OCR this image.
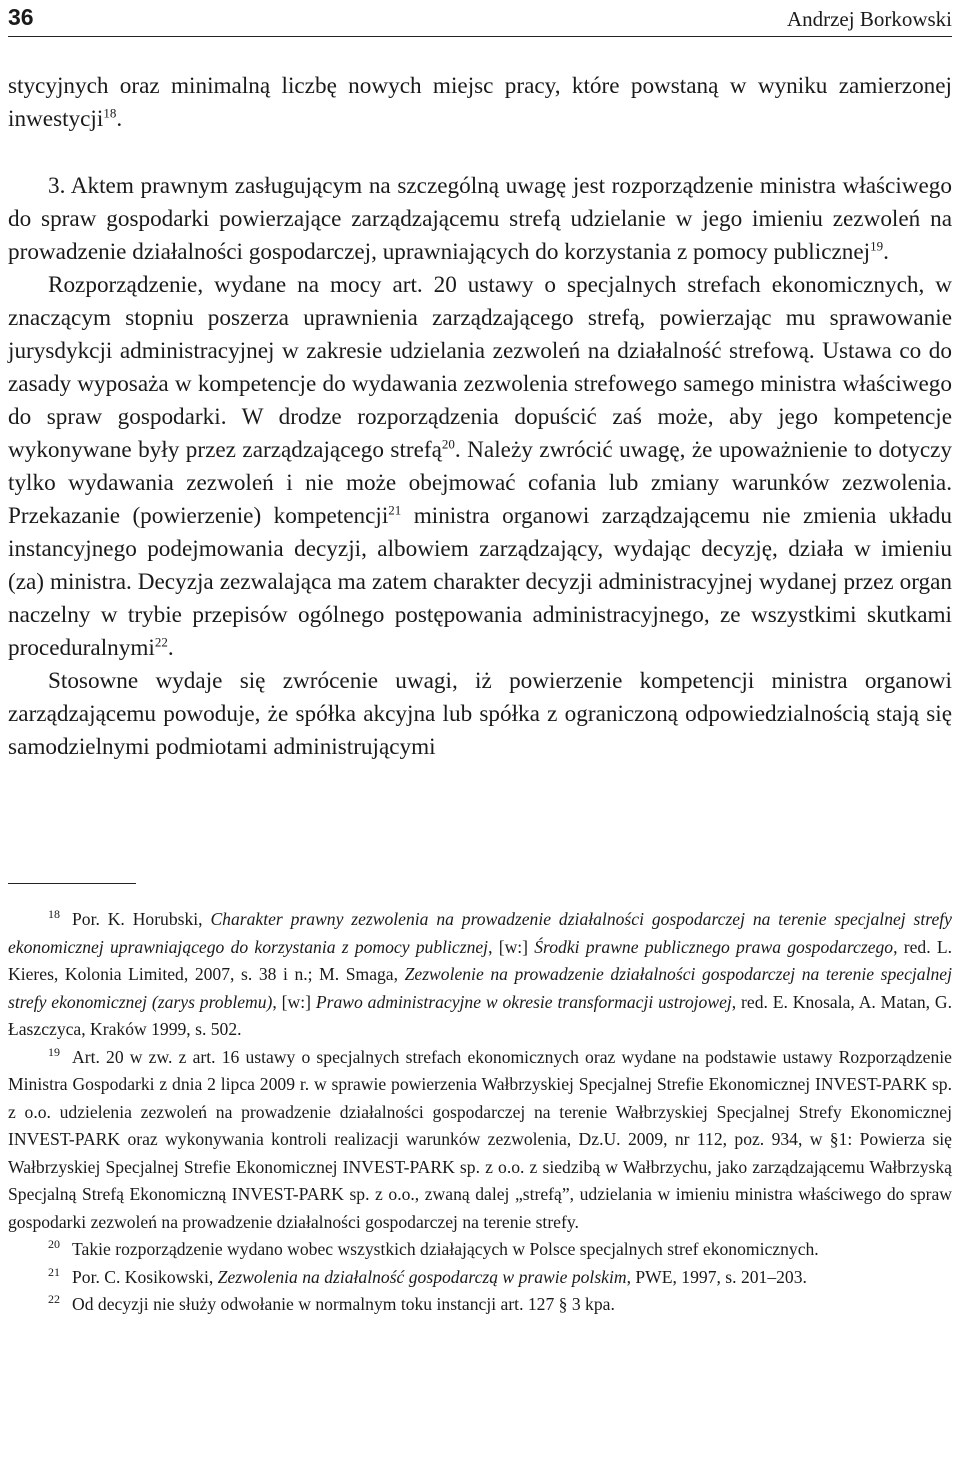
36	Andrzej Borkowski

stycyjnych oraz minimalną liczbę nowych miejsc pracy, które powstaną w wyniku zamierzonej inwestycji$^{18}$.

3. Aktem prawnym zasługującym na szczególną uwagę jest rozporządzenie ministra właściwego do spraw gospodarki powierzające zarządzającemu strefą udzielanie w jego imieniu zezwoleń na prowadzenie działalności gospodarczej, uprawniających do korzystania z pomocy publicznej$^{19}$.

Rozporządzenie, wydane na mocy art. 20 ustawy o specjalnych strefach ekonomicznych, w znaczącym stopniu poszerza uprawnienia zarządzającego strefą, powierzając mu sprawowanie jurysdykcji administracyjnej w zakresie udzielania zezwoleń na działalność strefową. Ustawa co do zasady wyposaża w kompetencje do wydawania zezwolenia strefowego samego ministra właściwego do spraw gospodarki. W drodze rozporządzenia dopuścić zaś może, aby jego kompetencje wykonywane były przez zarządzającego strefą$^{20}$. Należy zwrócić uwagę, że upoważnienie to dotyczy tylko wydawania zezwoleń i nie może obejmować cofania lub zmiany warunków zezwolenia. Przekazanie (powierzenie) kompetencji$^{21}$ ministra organowi zarządzającemu nie zmienia układu instancyjnego podejmowania decyzji, albowiem zarządzający, wydając decyzję, działa w imieniu (za) ministra. Decyzja zezwalająca ma zatem charakter decyzji administracyjnej wydanej przez organ naczelny w trybie przepisów ogólnego postępowania administracyjnego, ze wszystkimi skutkami proceduralnymi$^{22}$.

Stosowne wydaje się zwrócenie uwagi, iż powierzenie kompetencji ministra organowi zarządzającemu powoduje, że spółka akcyjna lub spółka z ograniczoną odpowiedzialnością stają się samodzielnymi podmiotami administrującymi

$^{18}$ Por. K. Horubski, Charakter prawny zezwolenia na prowadzenie działalności gospodarczej na terenie specjalnej strefy ekonomicznej uprawniającego do korzystania z pomocy publicznej, [w:] Środki prawne publicznego prawa gospodarczego, red. L. Kieres, Kolonia Limited, 2007, s. 38 i n.; M. Smaga, Zezwolenie na prowadzenie działalności gospodarczej na terenie specjalnej strefy ekonomicznej (zarys problemu), [w:] Prawo administracyjne w okresie transformacji ustrojowej, red. E. Knosala, A. Matan, G. Łaszczyca, Kraków 1999, s. 502.

$^{19}$ Art. 20 w zw. z art. 16 ustawy o specjalnych strefach ekonomicznych oraz wydane na podstawie ustawy Rozporządzenie Ministra Gospodarki z dnia 2 lipca 2009 r. w sprawie powierzenia Wałbrzyskiej Specjalnej Strefie Ekonomicznej INVEST-PARK sp. z o.o. udzielenia zezwoleń na prowadzenie działalności gospodarczej na terenie Wałbrzyskiej Specjalnej Strefy Ekonomicznej INVEST-PARK oraz wykonywania kontroli realizacji warunków zezwolenia, Dz.U. 2009, nr 112, poz. 934, w §1: Powierza się Wałbrzyskiej Specjalnej Strefie Ekonomicznej INVEST-PARK sp. z o.o. z siedzibą w Wałbrzychu, jako zarządzającemu Wałbrzyską Specjalną Strefą Ekonomiczną INVEST-PARK sp. z o.o., zwaną dalej „strefą”, udzielania w imieniu ministra właściwego do spraw gospodarki zezwoleń na prowadzenie działalności gospodarczej na terenie strefy.

$^{20}$ Takie rozporządzenie wydano wobec wszystkich działających w Polsce specjalnych stref ekonomicznych.

$^{21}$ Por. C. Kosikowski, Zezwolenia na działalność gospodarczą w prawie polskim, PWE, 1997, s. 201–203.

$^{22}$ Od decyzji nie służy odwołanie w normalnym toku instancji art. 127 § 3 kpa.
